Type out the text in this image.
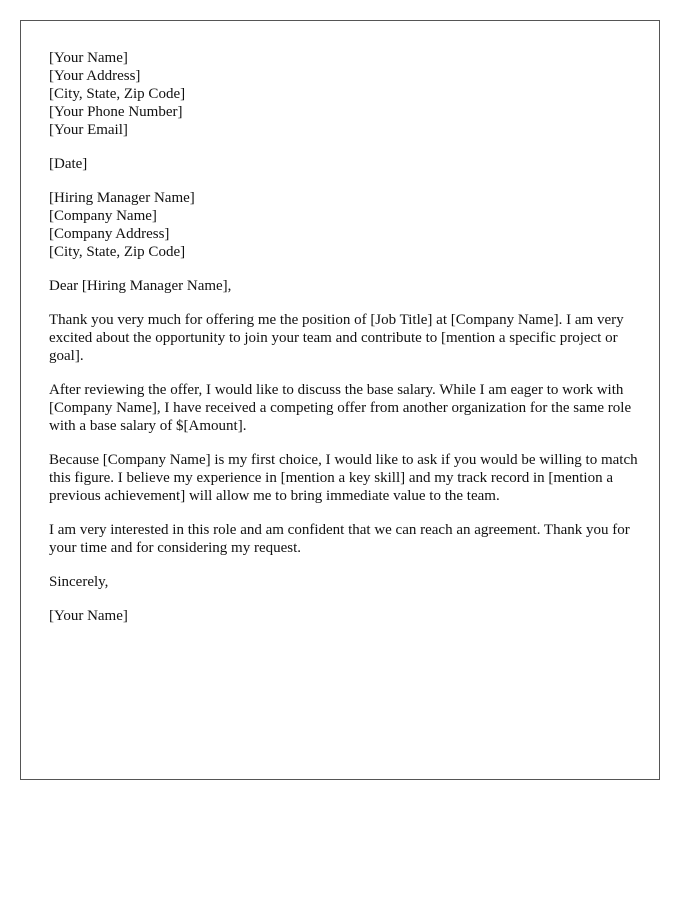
[Your Name]
[Your Address]
[City, State, Zip Code]
[Your Phone Number]
[Your Email]
[Date]
[Hiring Manager Name]
[Company Name]
[Company Address]
[City, State, Zip Code]

Dear [Hiring Manager Name],

Thank you very much for offering me the position of [Job Title] at [Company Name]. I am very excited about the opportunity to join your team and contribute to [mention a specific project or goal].

After reviewing the offer, I would like to discuss the base salary. While I am eager to work with [Company Name], I have received a competing offer from another organization for the same role with a base salary of $[Amount].

Because [Company Name] is my first choice, I would like to ask if you would be willing to match this figure. I believe my experience in [mention a key skill] and my track record in [mention a previous achievement] will allow me to bring immediate value to the team.

I am very interested in this role and am confident that we can reach an agreement. Thank you for your time and for considering my request.

Sincerely,

[Your Name]
